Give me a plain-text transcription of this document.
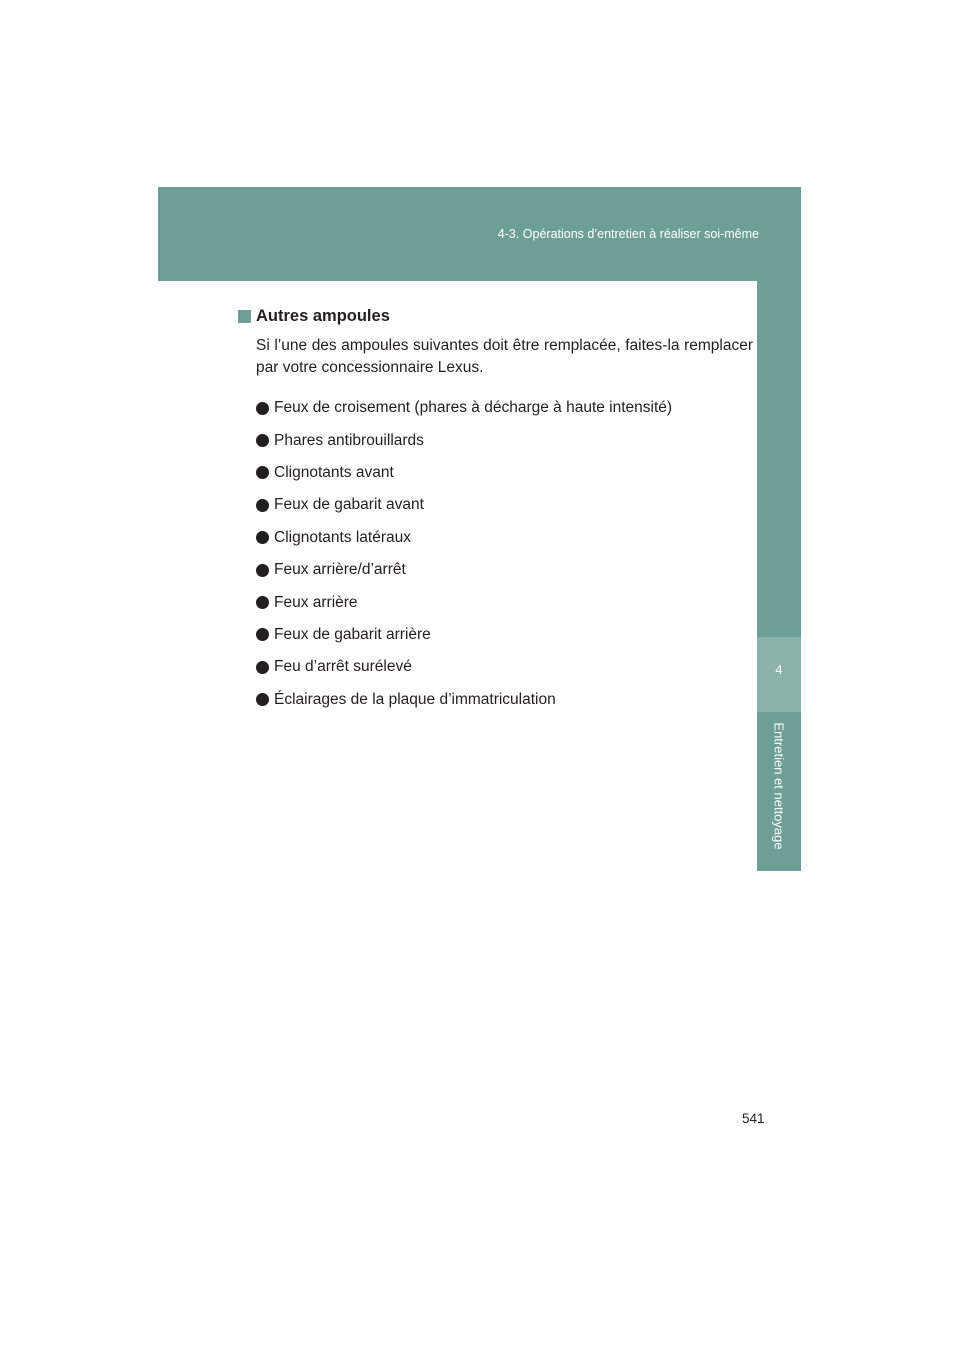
4-3. Opérations d’entretien à réaliser soi-même
4
Entretien et nettoyage
Autres ampoules

Si l’une des ampoules suivantes doit être remplacée, faites-la remplacer par votre concessionnaire Lexus.

Feux de croisement (phares à décharge à haute intensité)
Phares antibrouillards
Clignotants avant
Feux de gabarit avant
Clignotants latéraux
Feux arrière/d’arrêt
Feux arrière
Feux de gabarit arrière
Feu d’arrêt surélevé
Éclairages de la plaque d’immatriculation
541
